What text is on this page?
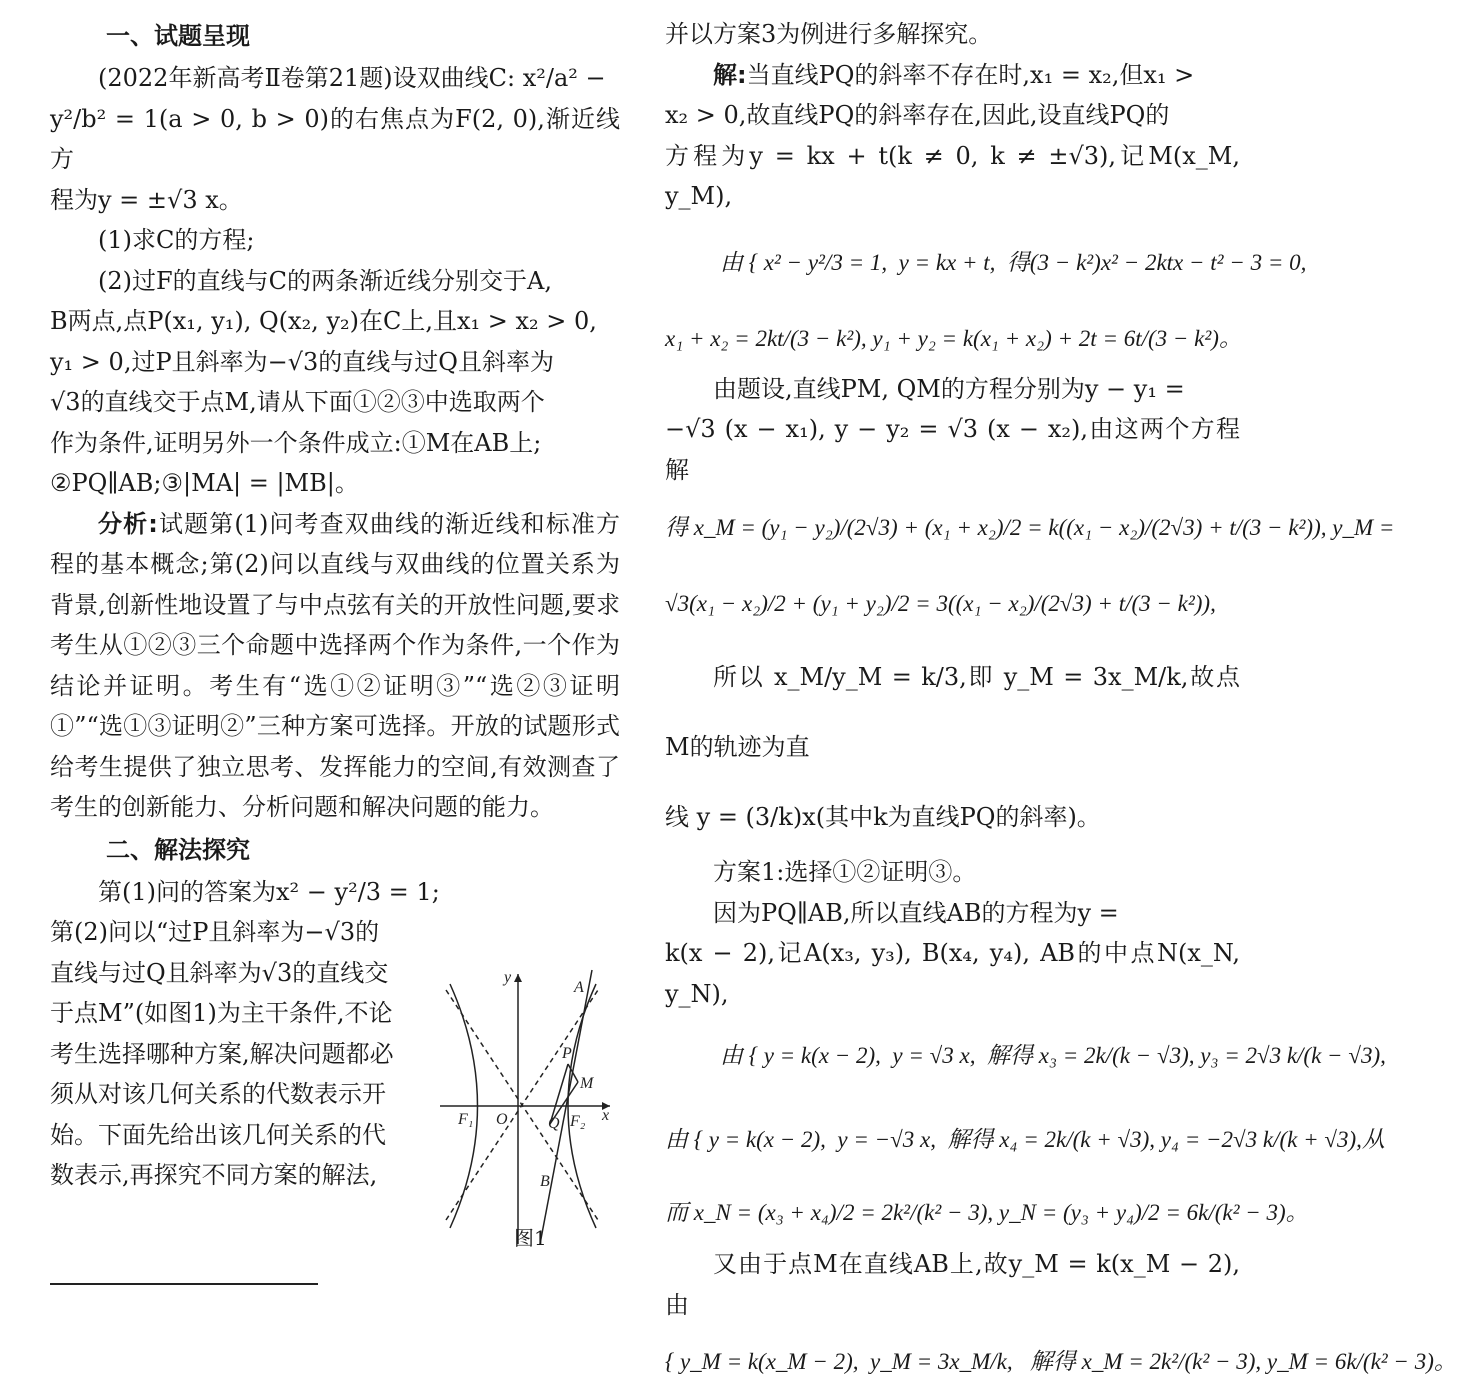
一、试题呈现

(2022年新高考Ⅱ卷第21题)设双曲线C: x²/a² −

y²/b² = 1(a > 0, b > 0)的右焦点为F(2, 0),渐近线方

程为y = ±√3 x。

(1)求C的方程;

(2)过F的直线与C的两条渐近线分别交于A,

B两点,点P(x₁, y₁), Q(x₂, y₂)在C上,且x₁ > x₂ > 0,

y₁ > 0,过P且斜率为−√3的直线与过Q且斜率为

√3的直线交于点M,请从下面①②③中选取两个

作为条件,证明另外一个条件成立:①M在AB上;

②PQ∥AB;③|MA| = |MB|。

分析:试题第(1)问考查双曲线的渐近线和标准方程的基本概念;第(2)问以直线与双曲线的位置关系为背景,创新性地设置了与中点弦有关的开放性问题,要求考生从①②③三个命题中选择两个作为条件,一个作为结论并证明。考生有“选①②证明③”“选②③证明①”“选①③证明②”三种方案可选择。开放的试题形式给考生提供了独立思考、发挥能力的空间,有效测查了考生的创新能力、分析问题和解决问题的能力。

二、解法探究

第(1)问的答案为x² − y²/3 = 1;

第(2)问以“过P且斜率为−√3的

直线与过Q且斜率为√3的直线交

于点M”(如图1)为主干条件,不论

考生选择哪种方案,解决问题都必

须从对该几何关系的代数表示开

始。下面先给出该几何关系的代

数表示,再探究不同方案的解法,

y
x
A
P
M
Q
B
F₁	F₂
O
图1

并以方案3为例进行多解探究。

解:当直线PQ的斜率不存在时,x₁ = x₂,但x₁ >

x₂ > 0,故直线PQ的斜率存在,因此,设直线PQ的

方程为y = kx + t(k ≠ 0, k ≠ ±√3),记M(x_M, y_M),

由 { x² − y²/3 = 1,  y = kx + t,  得(3 − k²)x² − 2ktx − t² − 3 = 0,

x₁ + x₂ = 2kt/(3 − k²), y₁ + y₂ = k(x₁ + x₂) + 2t = 6t/(3 − k²)。

由题设,直线PM, QM的方程分别为y − y₁ =

−√3 (x − x₁), y − y₂ = √3 (x − x₂),由这两个方程解

得 x_M = (y₁ − y₂)/(2√3) + (x₁ + x₂)/2 = k((x₁ − x₂)/(2√3) + t/(3 − k²)), y_M =

√3(x₁ − x₂)/2 + (y₁ + y₂)/2 = 3((x₁ − x₂)/(2√3) + t/(3 − k²)),

所以 x_M/y_M = k/3,即 y_M = 3x_M/k,故点M的轨迹为直

线 y = (3/k)x(其中k为直线PQ的斜率)。

方案1:选择①②证明③。

因为PQ∥AB,所以直线AB的方程为y =

k(x − 2),记A(x₃, y₃), B(x₄, y₄), AB的中点N(x_N, y_N),

由 { y = k(x − 2),  y = √3 x,  解得 x₃ = 2k/(k − √3), y₃ = 2√3 k/(k − √3),

由 { y = k(x − 2),  y = −√3 x,  解得 x₄ = 2k/(k + √3), y₄ = −2√3 k/(k + √3),从

而 x_N = (x₃ + x₄)/2 = 2k²/(k² − 3), y_N = (y₃ + y₄)/2 = 6k/(k² − 3)。

又由于点M在直线AB上,故y_M = k(x_M − 2),由

{ y_M = k(x_M − 2),  y_M = 3x_M/k,   解得 x_M = 2k²/(k² − 3), y_M = 6k/(k² − 3)。
